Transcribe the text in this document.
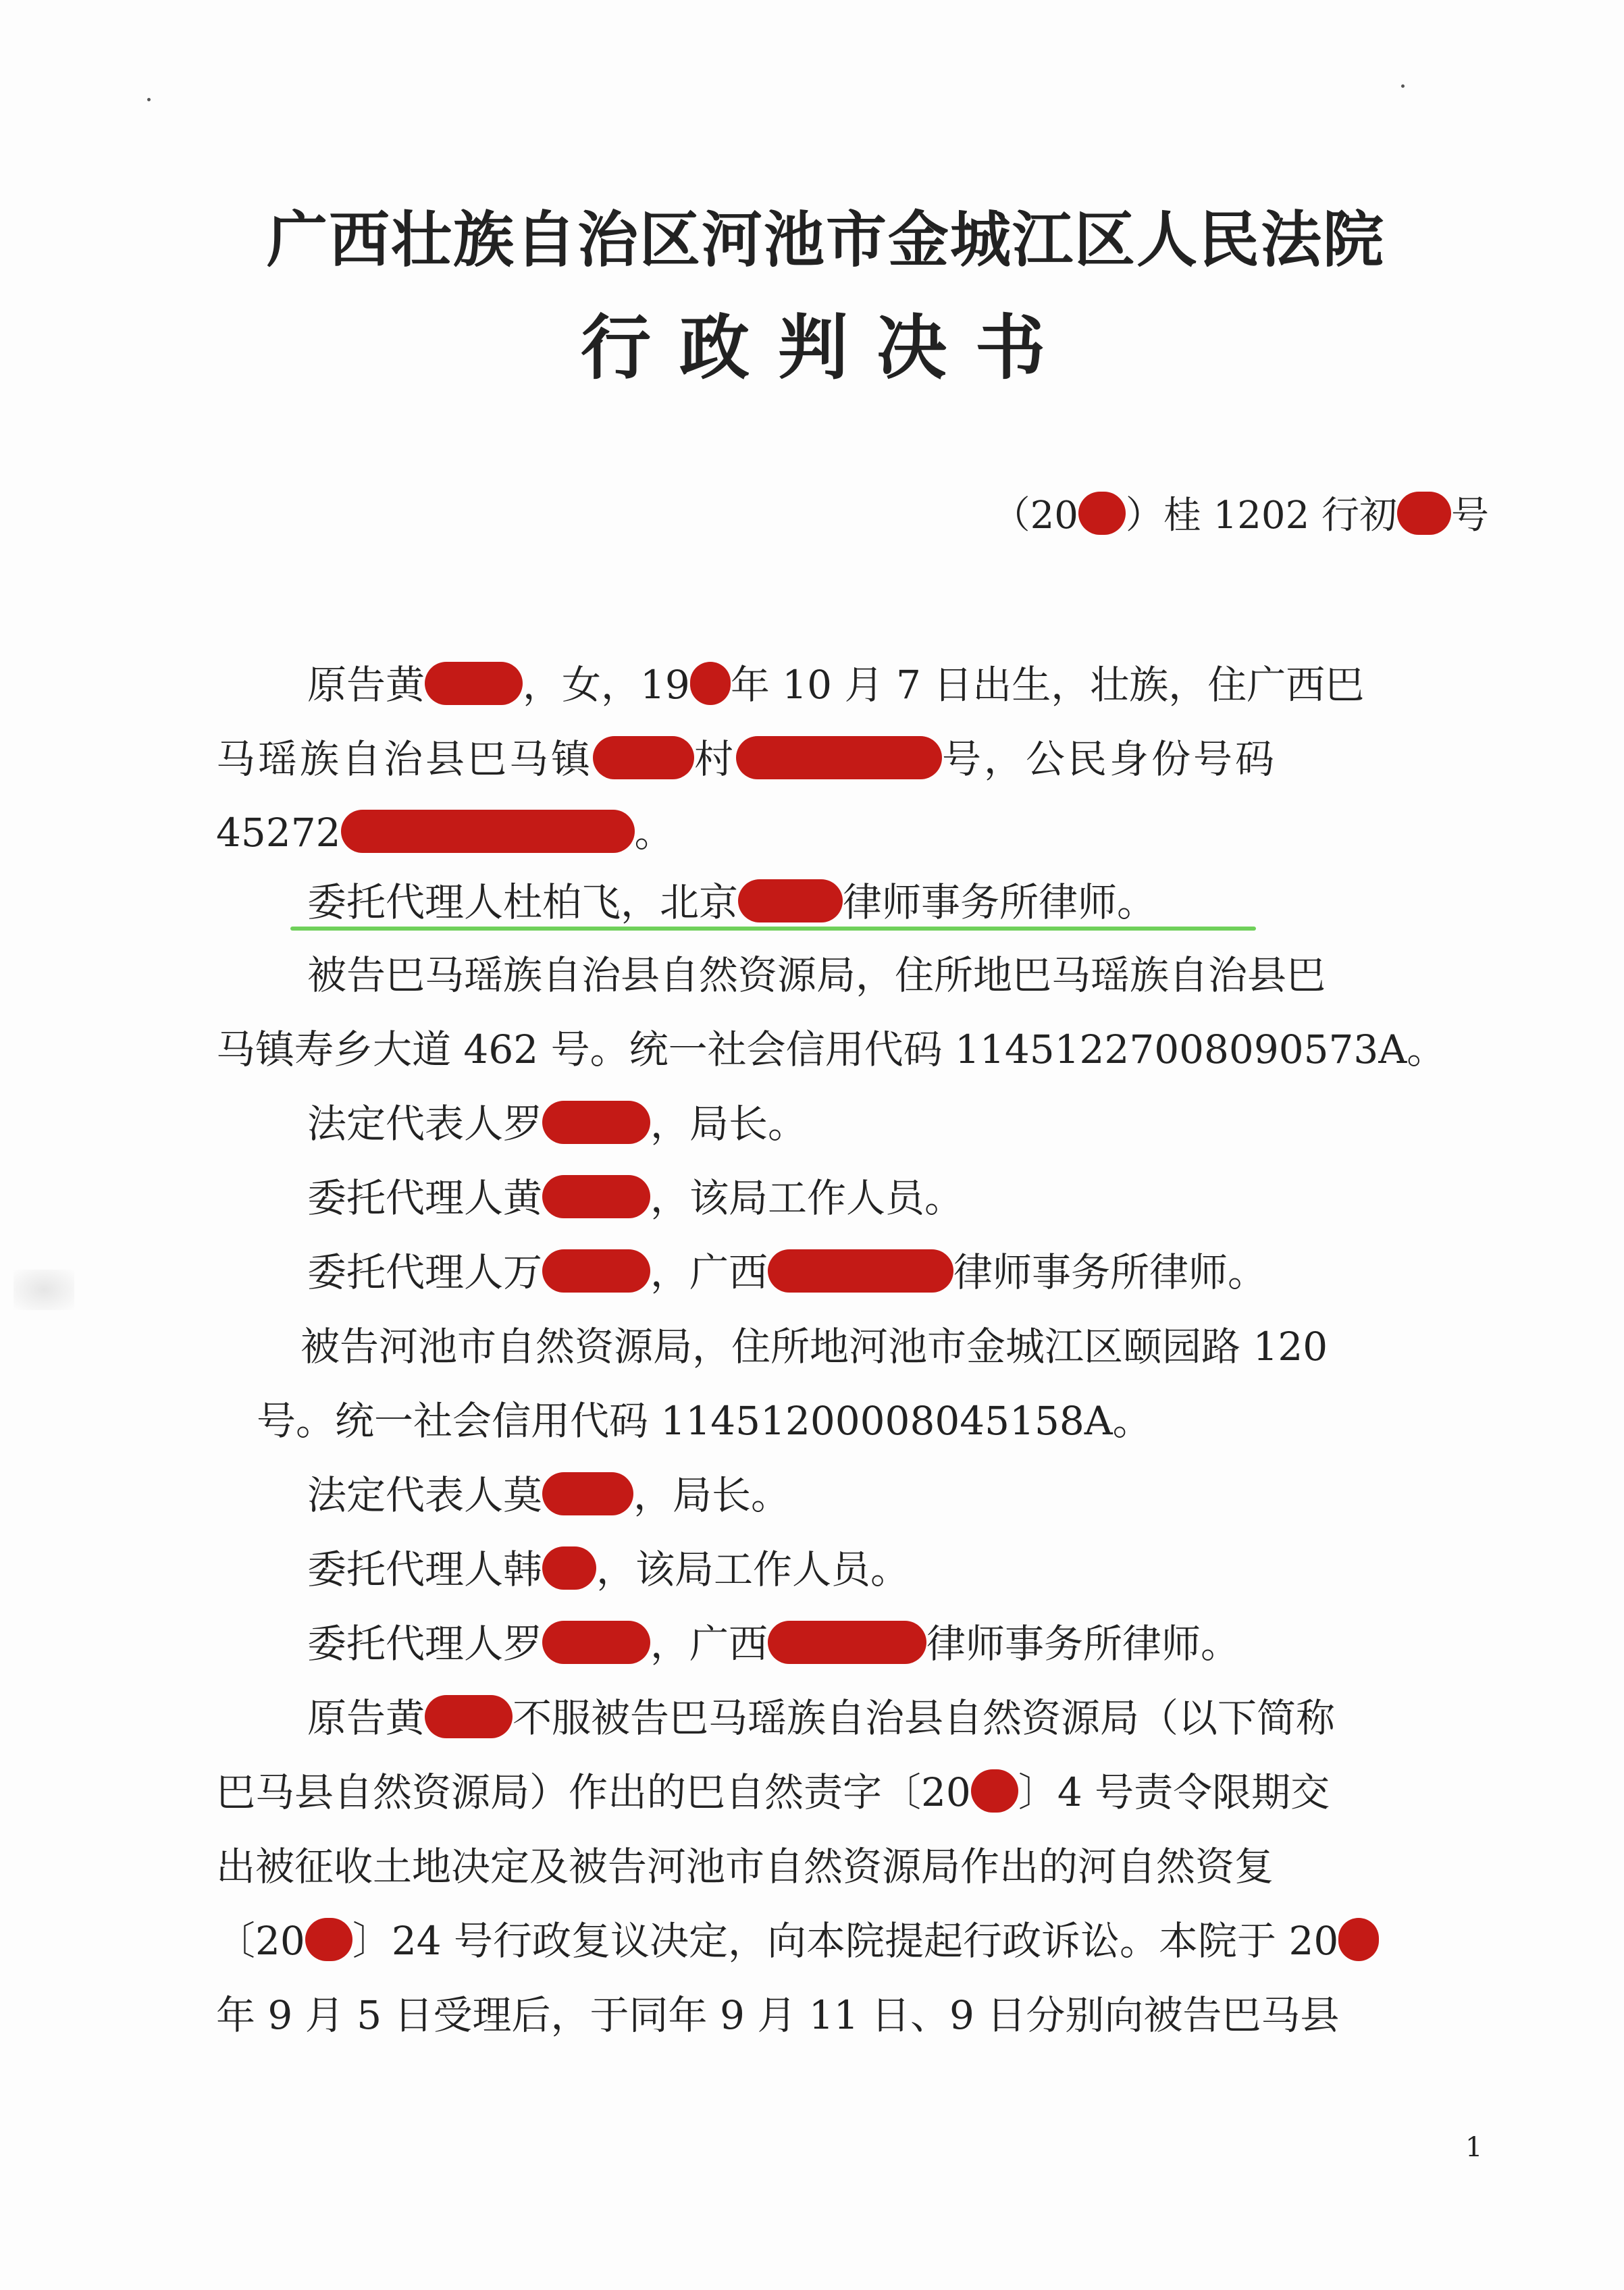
广西壮族自治区河池市金城江区人民法院
行政判决书
（20 ）桂 1202 行初 号
原告黄	，女，19 年 10 月 7 日出生，壮族，住广西巴
马瑶族自治县巴马镇	村	号，公民身份号码
45272	。
委托代理人杜柏飞，北京	律师事务所律师。
被告巴马瑶族自治县自然资源局，住所地巴马瑶族自治县巴
马镇寿乡大道 462 号。统一社会信用代码 11451227008090573A。
法定代表人罗	，局长。
委托代理人黄	，该局工作人员。
委托代理人万	，广西	律师事务所律师。
被告河池市自然资源局，住所地河池市金城江区颐园路 120
号。统一社会信用代码 11451200008045158A。
法定代表人莫 ，局长。
委托代理人韩 ，该局工作人员。
委托代理人罗	，广西	律师事务所律师。
原告黄 不服被告巴马瑶族自治县自然资源局（以下简称
巴马县自然资源局）作出的巴自然责字〔20 〕4 号责令限期交
出被征收土地决定及被告河池市自然资源局作出的河自然资复
〔20 〕24 号行政复议决定，向本院提起行政诉讼。本院于 20
年 9 月 5 日受理后，于同年 9 月 11 日、9 日分别向被告巴马县
1
